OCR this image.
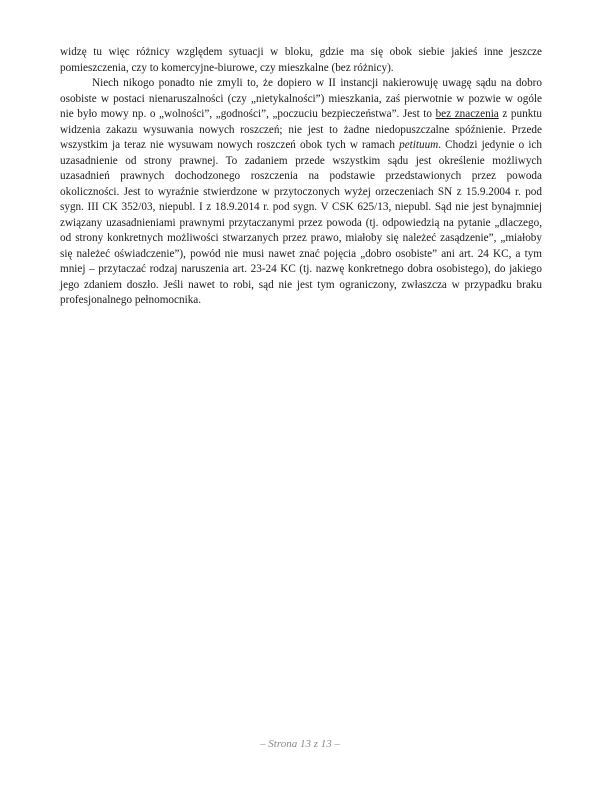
widzę tu więc różnicy względem sytuacji w bloku, gdzie ma się obok siebie jakieś inne jeszcze pomieszczenia, czy to komercyjne-biurowe, czy mieszkalne (bez różnicy).

Niech nikogo ponadto nie zmyli to, że dopiero w II instancji nakierowuję uwagę sądu na dobro osobiste w postaci nienaruszalności (czy „nietykalności”) mieszkania, zaś pierwotnie w pozwie w ogóle nie było mowy np. o „wolności”, „godności”, „poczuciu bezpieczeństwa”. Jest to bez znaczenia z punktu widzenia zakazu wysuwania nowych roszczeń; nie jest to żadne niedopuszczalne spóźnienie. Przede wszystkim ja teraz nie wysuwam nowych roszczeń obok tych w ramach petituum. Chodzi jedynie o ich uzasadnienie od strony prawnej. To zadaniem przede wszystkim sądu jest określenie możliwych uzasadnień prawnych dochodzonego roszczenia na podstawie przedstawionych przez powoda okoliczności. Jest to wyraźnie stwierdzone w przytoczonych wyżej orzeczeniach SN z 15.9.2004 r. pod sygn. III CK 352/03, niepubl. I z 18.9.2014 r. pod sygn. V CSK 625/13, niepubl. Sąd nie jest bynajmniej związany uzasadnieniami prawnymi przytaczanymi przez powoda (tj. odpowiedzią na pytanie „dlaczego, od strony konkretnych możliwości stwarzanych przez prawo, miałoby się należeć zasądzenie”, „miałoby się należeć oświadczenie”), powód nie musi nawet znać pojęcia „dobro osobiste” ani art. 24 KC, a tym mniej – przytaczać rodzaj naruszenia art. 23-24 KC (tj. nazwę konkretnego dobra osobistego), do jakiego jego zdaniem doszło. Jeśli nawet to robi, sąd nie jest tym ograniczony, zwłaszcza w przypadku braku profesjonalnego pełnomocnika.

– Strona 13 z 13 –
